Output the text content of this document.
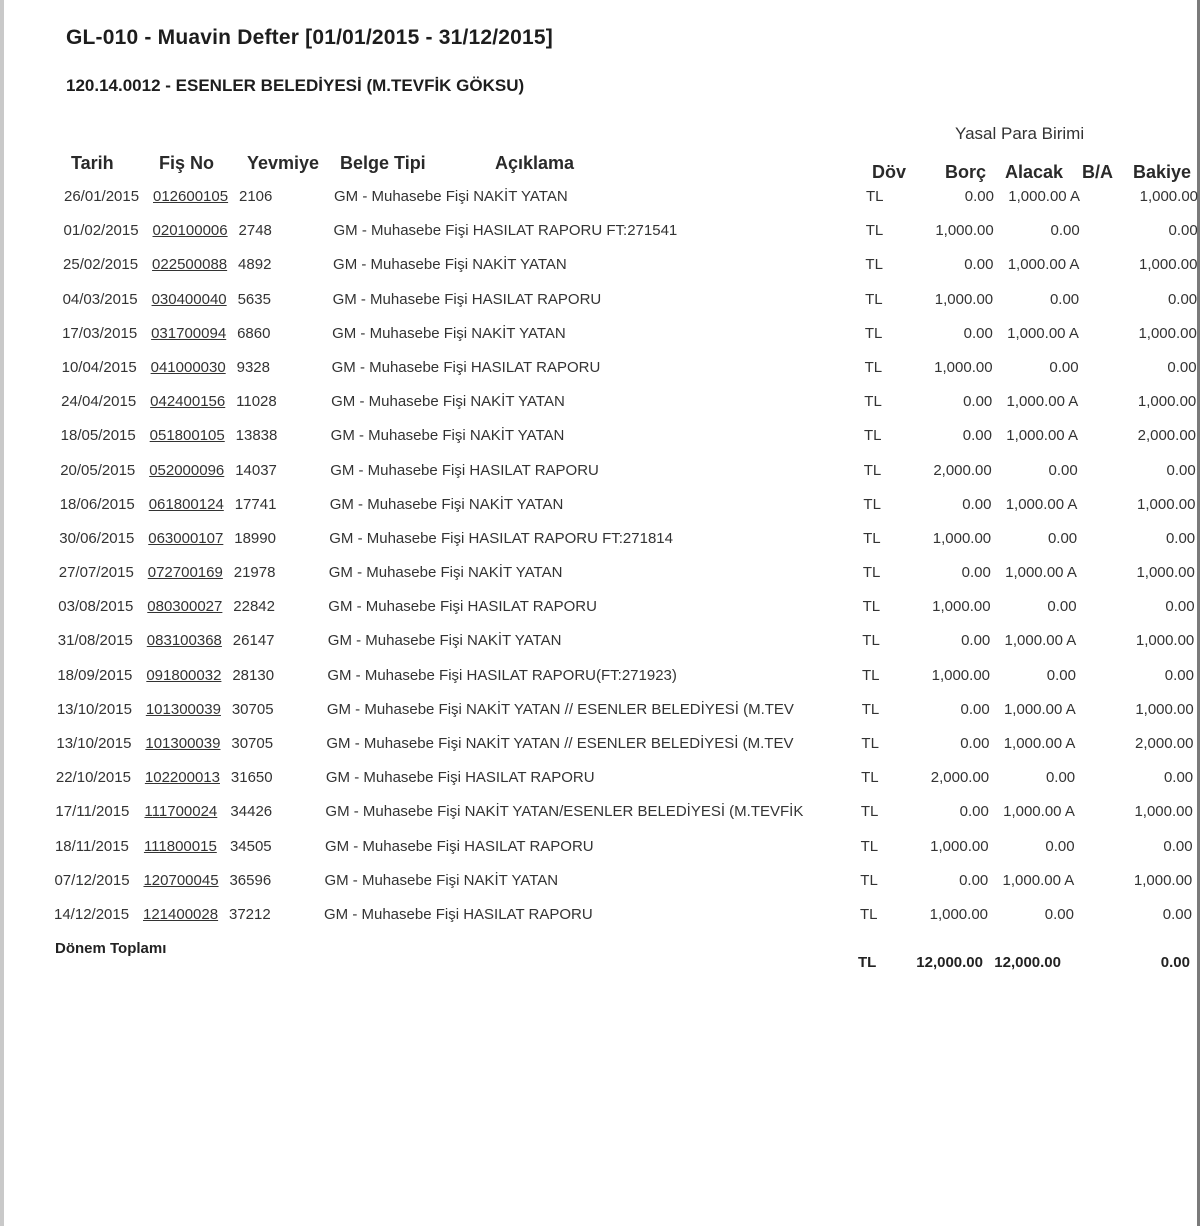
GL-010 - Muavin Defter [01/01/2015 - 31/12/2015]
120.14.0012 - ESENLER BELEDİYESİ (M.TEVFİK GÖKSU)
Yasal Para Birimi
Tarih	Fiş No Yevmiye Belge Tipi	Açıklama	Döv Borç Alacak B/A Bakiye
26/01/2015 012600105 2106	GM - Muhasebe Fişi NAKİT YATAN	TL	0.00 1,000.00 A	1,000.00
01/02/2015 020100006 2748	GM - Muhasebe Fişi HASILAT RAPORU FT:271541	TL	1,000.00	0.00	0.00
25/02/2015 022500088 4892	GM - Muhasebe Fişi NAKİT YATAN	TL	0.00 1,000.00 A	1,000.00
04/03/2015 030400040 5635	GM - Muhasebe Fişi HASILAT RAPORU	TL	1,000.00	0.00	0.00
17/03/2015 031700094 6860	GM - Muhasebe Fişi NAKİT YATAN	TL	0.00 1,000.00 A	1,000.00
10/04/2015 041000030 9328	GM - Muhasebe Fişi HASILAT RAPORU	TL	1,000.00	0.00	0.00
24/04/2015 042400156 11028	GM - Muhasebe Fişi NAKİT YATAN	TL	0.00 1,000.00 A	1,000.00
18/05/2015 051800105 13838	GM - Muhasebe Fişi NAKİT YATAN	TL	0.00 1,000.00 A	2,000.00
20/05/2015 052000096 14037	GM - Muhasebe Fişi HASILAT RAPORU	TL	2,000.00	0.00	0.00
18/06/2015 061800124 17741	GM - Muhasebe Fişi NAKİT YATAN	TL	0.00 1,000.00 A	1,000.00
30/06/2015 063000107 18990	GM - Muhasebe Fişi HASILAT RAPORU FT:271814	TL	1,000.00	0.00	0.00
27/07/2015 072700169 21978	GM - Muhasebe Fişi NAKİT YATAN	TL	0.00 1,000.00 A	1,000.00
03/08/2015 080300027 22842	GM - Muhasebe Fişi HASILAT RAPORU	TL	1,000.00	0.00	0.00
31/08/2015 083100368 26147	GM - Muhasebe Fişi NAKİT YATAN	TL	0.00 1,000.00 A	1,000.00
18/09/2015 091800032 28130	GM - Muhasebe Fişi HASILAT RAPORU(FT:271923)	TL	1,000.00	0.00	0.00
13/10/2015 101300039 30705	GM - Muhasebe Fişi NAKİT YATAN // ESENLER BELEDİYESİ (M.TEV	TL	0.00 1,000.00 A	1,000.00
13/10/2015 101300039 30705	GM - Muhasebe Fişi NAKİT YATAN // ESENLER BELEDİYESİ (M.TEV	TL	0.00 1,000.00 A	2,000.00
22/10/2015 102200013 31650	GM - Muhasebe Fişi HASILAT RAPORU	TL	2,000.00	0.00	0.00
17/11/2015 111700024 34426	GM - Muhasebe Fişi NAKİT YATAN/ESENLER BELEDİYESİ (M.TEVFİK	TL	0.00 1,000.00 A	1,000.00
18/11/2015 111800015 34505	GM - Muhasebe Fişi HASILAT RAPORU	TL	1,000.00	0.00	0.00
07/12/2015 120700045 36596	GM - Muhasebe Fişi NAKİT YATAN	TL	0.00 1,000.00 A	1,000.00
14/12/2015 121400028 37212	GM - Muhasebe Fişi HASILAT RAPORU	TL	1,000.00	0.00	0.00
Dönem Toplamı
TL	12,000.00 12,000.00	0.00
